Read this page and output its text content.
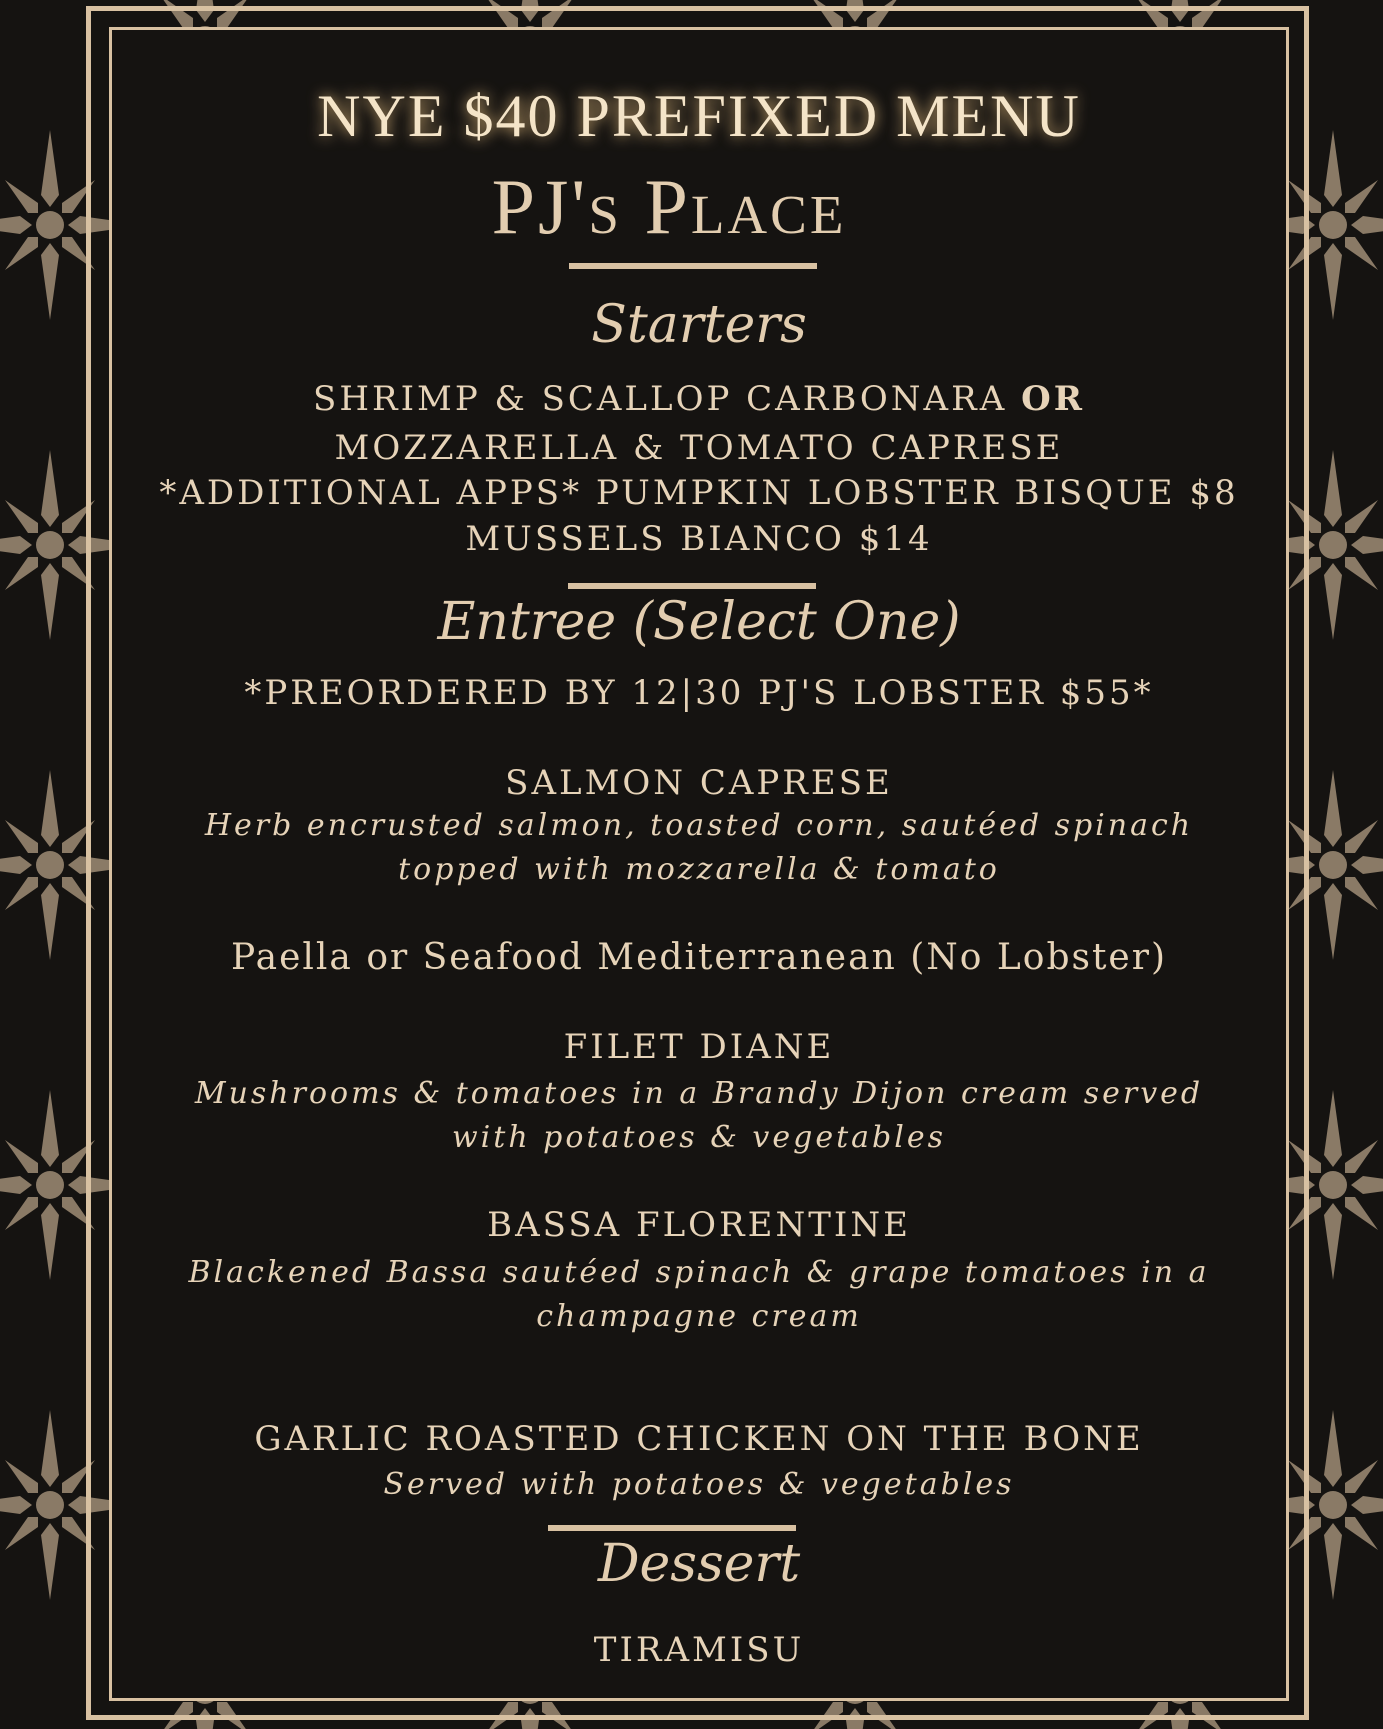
NYE $40 PREFIXED MENU
PJ's Place
Starters
SHRIMP & SCALLOP CARBONARA OR
MOZZARELLA & TOMATO CAPRESE
*ADDITIONAL APPS* PUMPKIN LOBSTER BISQUE $8
MUSSELS BIANCO $14
Entree (Select One)
*PREORDERED BY 12|30 PJ'S LOBSTER $55*
SALMON CAPRESE
Herb encrusted salmon, toasted corn, sautéed spinach
topped with mozzarella & tomato
Paella or Seafood Mediterranean (No Lobster)
FILET DIANE
Mushrooms & tomatoes in a Brandy Dijon cream served
with potatoes & vegetables
BASSA FLORENTINE
Blackened Bassa sautéed spinach & grape tomatoes in a
champagne cream
GARLIC ROASTED CHICKEN ON THE BONE
Served with potatoes & vegetables
Dessert
TIRAMISU
